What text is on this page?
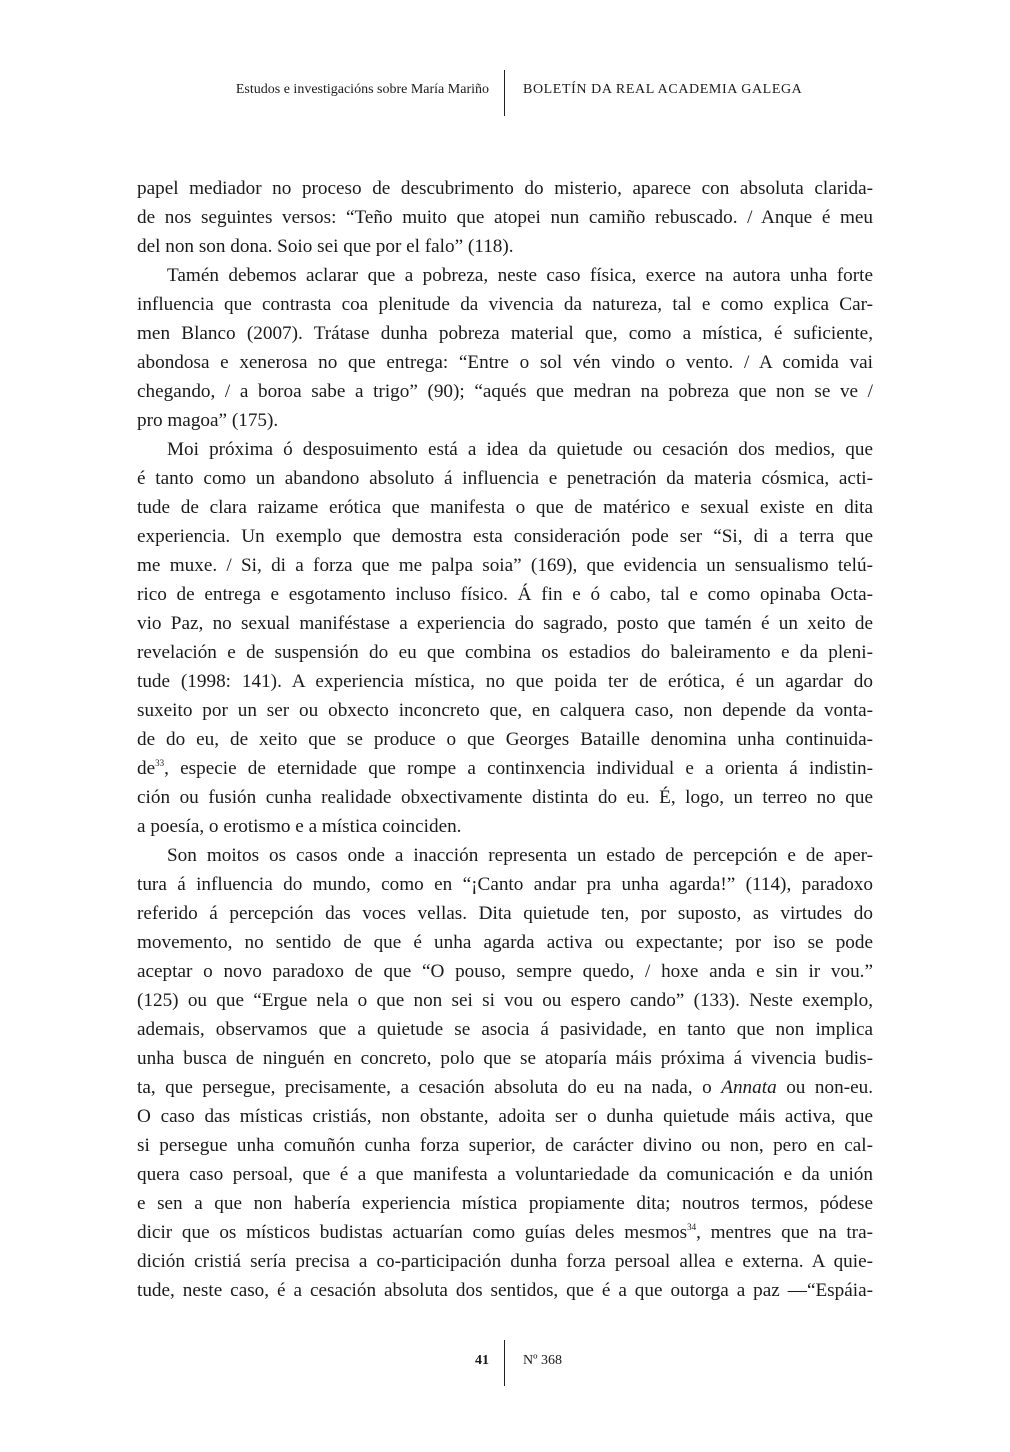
Estudos e investigacións sobre María Mariño BOLETÍN DA REAL ACADEMIA GALEGA
papel mediador no proceso de descubrimento do misterio, aparece con absoluta clarida-
de nos seguintes versos: “Teño muito que atopei nun camiño rebuscado. / Anque é meu
del non son dona. Soio sei que por el falo” (118).
Tamén debemos aclarar que a pobreza, neste caso física, exerce na autora unha forte
influencia que contrasta coa plenitude da vivencia da natureza, tal e como explica Car-
men Blanco (2007). Trátase dunha pobreza material que, como a mística, é suficiente,
abondosa e xenerosa no que entrega: “Entre o sol vén vindo o vento. / A comida vai
chegando, / a boroa sabe a trigo” (90); “aqués que medran na pobreza que non se ve /
pro magoa” (175).
Moi próxima ó desposuimento está a idea da quietude ou cesación dos medios, que
é tanto como un abandono absoluto á influencia e penetración da materia cósmica, acti-
tude de clara raizame erótica que manifesta o que de matérico e sexual existe en dita
experiencia. Un exemplo que demostra esta consideración pode ser “Si, di a terra que
me muxe. / Si, di a forza que me palpa soia” (169), que evidencia un sensualismo telú-
rico de entrega e esgotamento incluso físico. Á fin e ó cabo, tal e como opinaba Octa-
vio Paz, no sexual maniféstase a experiencia do sagrado, posto que tamén é un xeito de
revelación e de suspensión do eu que combina os estadios do baleiramento e da pleni-
tude (1998: 141). A experiencia mística, no que poida ter de erótica, é un agardar do
suxeito por un ser ou obxecto inconcreto que, en calquera caso, non depende da vonta-
de do eu, de xeito que se produce o que Georges Bataille denomina unha continuida-
$de^{33}$, especie de eternidade que rompe a continxencia individual e a orienta á indistin-
ción ou fusión cunha realidade obxectivamente distinta do eu. É, logo, un terreo no que
a poesía, o erotismo e a mística coinciden.
Son moitos os casos onde a inacción representa un estado de percepción e de aper-
tura á influencia do mundo, como en “¡Canto andar pra unha agarda!” (114), paradoxo
referido á percepción das voces vellas. Dita quietude ten, por suposto, as virtudes do
movemento, no sentido de que é unha agarda activa ou expectante; por iso se pode
aceptar o novo paradoxo de que “O pouso, sempre quedo, / hoxe anda e sin ir vou.”
(125) ou que “Ergue nela o que non sei si vou ou espero cando” (133). Neste exemplo,
ademais, observamos que a quietude se asocia á pasividade, en tanto que non implica
unha busca de ninguén en concreto, polo que se atoparía máis próxima á vivencia budis-
ta, que persegue, precisamente, a cesación absoluta do eu na nada, o Annata ou non-eu.
O caso das místicas cristiás, non obstante, adoita ser o dunha quietude máis activa, que
si persegue unha comuñón cunha forza superior, de carácter divino ou non, pero en cal-
quera caso persoal, que é a que manifesta a voluntariedade da comunicación e da unión
e sen a que non habería experiencia mística propiamente dita; noutros termos, pódese
dicir que os místicos budistas actuarían como guías deles mesmos$^{34}$, mentres que na tra-
dición cristiá sería precisa a co-participación dunha forza persoal allea e externa. A quie-
tude, neste caso, é a cesación absoluta dos sentidos, que é a que outorga a paz —“Espáia-
41 Nº 368
